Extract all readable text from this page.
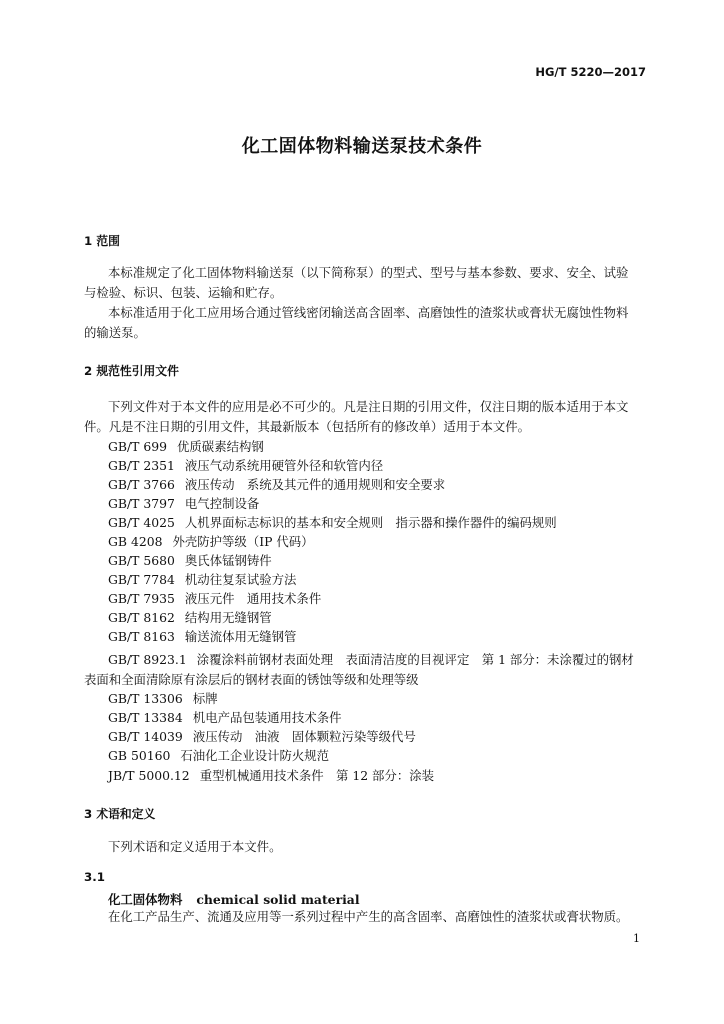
HG/T 5220—2017
化工固体物料输送泵技术条件
1 范围
本标准规定了化工固体物料输送泵（以下简称泵）的型式、型号与基本参数、要求、安全、试验
与检验、标识、包装、运输和贮存。
本标准适用于化工应用场合通过管线密闭输送高含固率、高磨蚀性的渣浆状或膏状无腐蚀性物料
的输送泵。
2 规范性引用文件
下列文件对于本文件的应用是必不可少的。凡是注日期的引用文件，仅注日期的版本适用于本文
件。凡是不注日期的引用文件，其最新版本（包括所有的修改单）适用于本文件。
GB/T 699 优质碳素结构钢
GB/T 2351 液压气动系统用硬管外径和软管内径
GB/T 3766 液压传动　系统及其元件的通用规则和安全要求
GB/T 3797 电气控制设备
GB/T 4025 人机界面标志标识的基本和安全规则　指示器和操作器件的编码规则
GB 4208 外壳防护等级（IP 代码）
GB/T 5680 奥氏体锰钢铸件
GB/T 7784 机动往复泵试验方法
GB/T 7935 液压元件　通用技术条件
GB/T 8162 结构用无缝钢管
GB/T 8163 输送流体用无缝钢管
GB/T 8923.1 涂覆涂料前钢材表面处理　表面清洁度的目视评定　第 1 部分：未涂覆过的钢材
表面和全面清除原有涂层后的钢材表面的锈蚀等级和处理等级
GB/T 13306 标牌
GB/T 13384 机电产品包装通用技术条件
GB/T 14039 液压传动　油液　固体颗粒污染等级代号
GB 50160 石油化工企业设计防火规范
JB/T 5000.12 重型机械通用技术条件　第 12 部分：涂装
3 术语和定义
下列术语和定义适用于本文件。
3.1
化工固体物料 chemical solid material
在化工产品生产、流通及应用等一系列过程中产生的高含固率、高磨蚀性的渣浆状或膏状物质。
1
